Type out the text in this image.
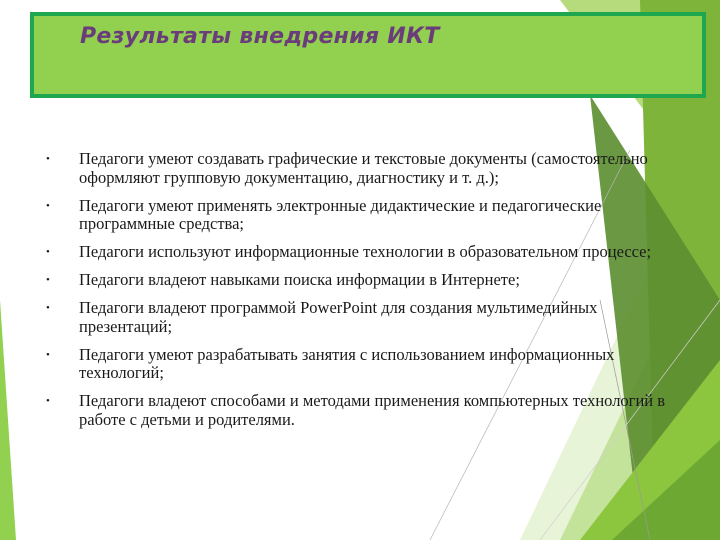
Результаты внедрения ИКТ
• Педагоги умеют создавать графические и текстовые документы (самостоятельно оформляют групповую документацию, диагностику и т. д.);
• Педагоги умеют применять электронные дидактические и педагогические программные средства;
• Педагоги используют информационные технологии в образовательном процессе;
• Педагоги владеют навыками поиска информации в Интернете;
• Педагоги владеют программой PowerPoint для создания мультимедийных презентаций;
• Педагоги умеют разрабатывать занятия с использованием информационных технологий;
• Педагоги владеют способами и методами применения компьютерных технологий в работе с детьми и родителями.
